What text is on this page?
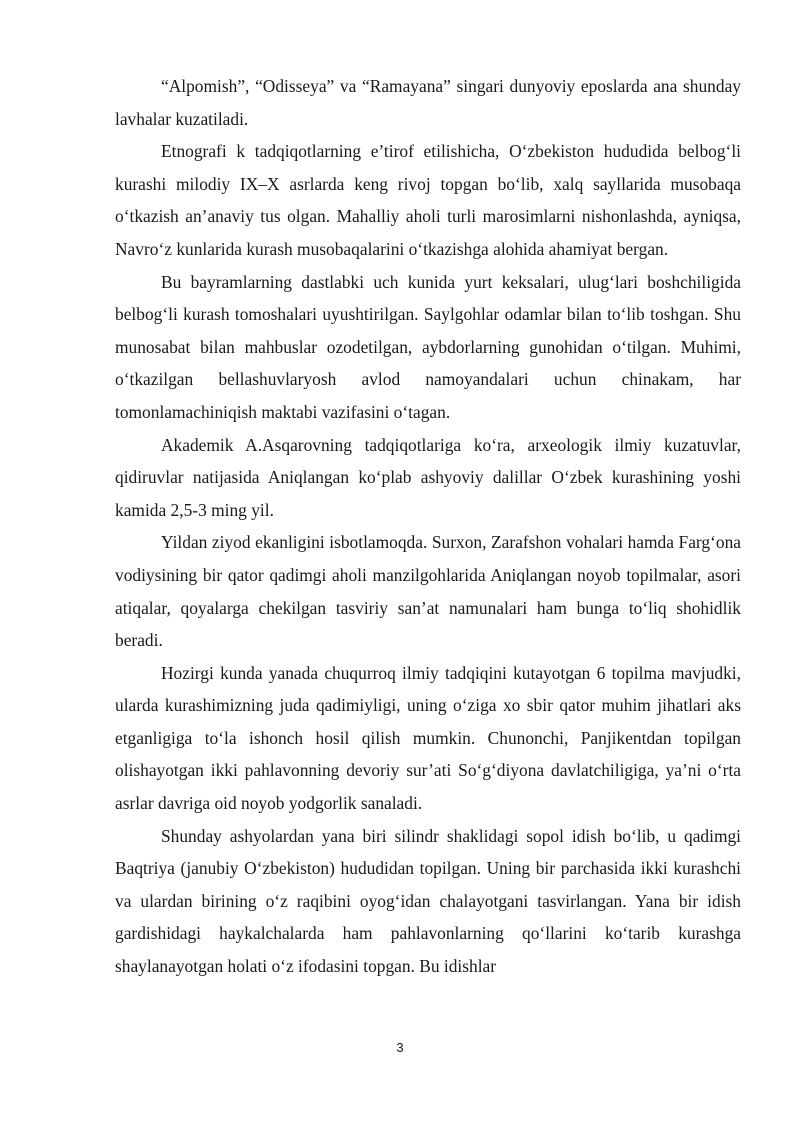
“Alpomish”, “Odisseya” va “Ramayana” singari dunyoviy eposlarda ana shunday lavhalar kuzatiladi.

Etnografi k tadqiqotlarning e’tirof etilishicha, O‘zbekiston hududida belbog‘li kurashi milodiy IX–X asrlarda keng rivoj topgan bo‘lib, xalq sayllarida musobaqa o‘tkazish an’anaviy tus olgan. Mahalliy aholi turli marosimlarni nishonlashda, ayniqsa, Navro‘z kunlarida kurash musobaqalarini o‘tkazishga alohida ahamiyat bergan.

Bu bayramlarning dastlabki uch kunida yurt keksalari, ulug‘lari boshchiligida belbog‘li kurash tomoshalari uyushtirilgan. Saylgohlar odamlar bilan to‘lib toshgan. Shu munosabat bilan mahbuslar ozodetilgan, aybdorlarning gunohidan o‘tilgan. Muhimi, o‘tkazilgan bellashuvlaryosh avlod namoyandalari uchun chinakam, har tomonlamachiniqish maktabi vazifasini o‘tagan.

Akademik A.Asqarovning tadqiqotlariga ko‘ra, arxeologik ilmiy kuzatuvlar, qidiruvlar natijasida Aniqlangan ko‘plab ashyoviy dalillar O‘zbek kurashining yoshi kamida 2,5-3 ming yil.

Yildan ziyod ekanligini isbotlamoqda. Surxon, Zarafshon vohalari hamda Farg‘ona vodiysining bir qator qadimgi aholi manzilgohlarida Aniqlangan noyob topilmalar, asori atiqalar, qoyalarga chekilgan tasviriy san’at namunalari ham bunga to‘liq shohidlik beradi.

Hozirgi kunda yanada chuqurroq ilmiy tadqiqini kutayotgan 6 topilma mavjudki, ularda kurashimizning juda qadimiyligi, uning o‘ziga xo sbir qator muhim jihatlari aks etganligiga to‘la ishonch hosil qilish mumkin. Chunonchi, Panjikentdan topilgan olishayotgan ikki pahlavonning devoriy sur’ati So‘g‘diyona davlatchiligiga, ya’ni o‘rta asrlar davriga oid noyob yodgorlik sanaladi.

Shunday ashyolardan yana biri silindr shaklidagi sopol idish bo‘lib, u qadimgi Baqtriya (janubiy O‘zbekiston) hududidan topilgan. Uning bir parchasida ikki kurashchi va ulardan birining o‘z raqibini oyog‘idan chalayotgani tasvirlangan. Yana bir idish gardishidagi haykalchalarda ham pahlavonlarning qo‘llarini ko‘tarib kurashga shaylanayotgan holati o‘z ifodasini topgan. Bu idishlar

3
